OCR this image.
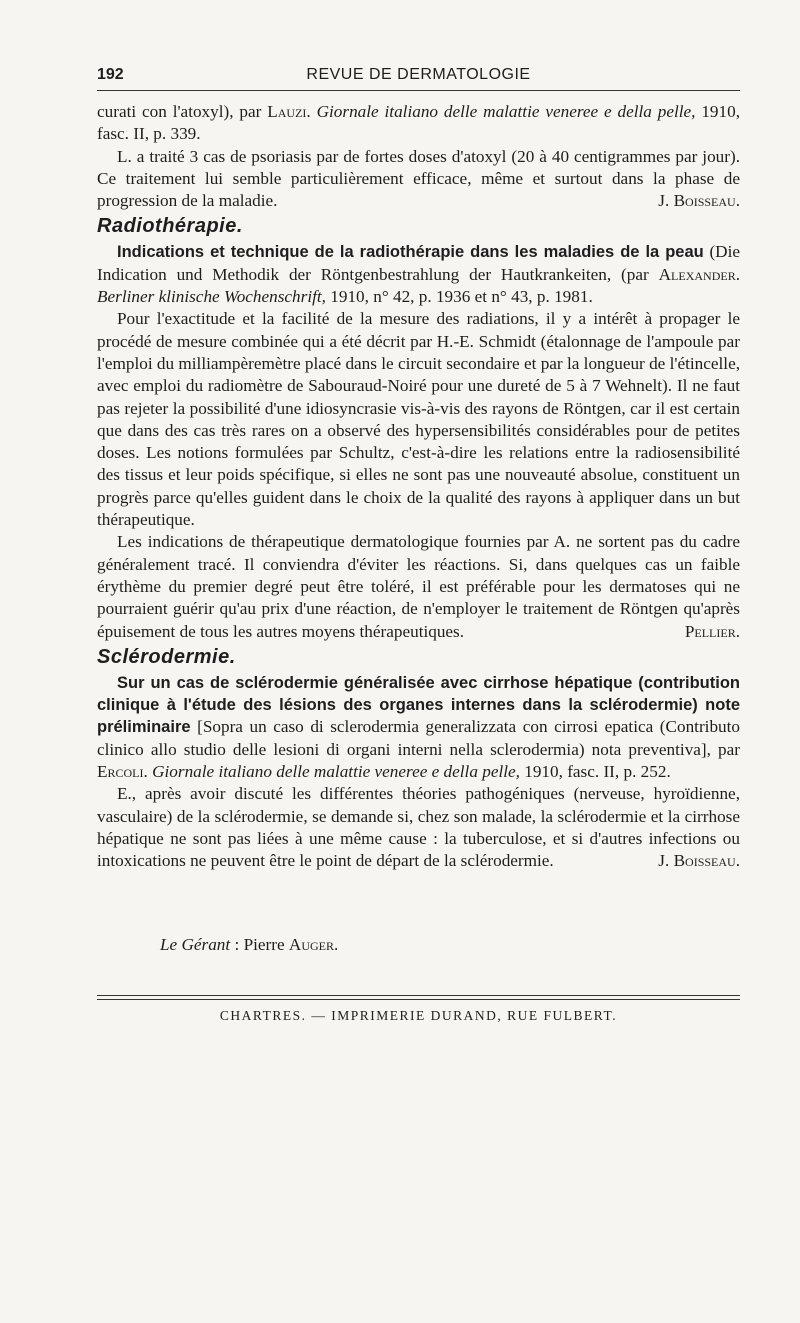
192	REVUE DE DERMATOLOGIE

curati con l'atoxyl), par Lauzi. Giornale italiano delle malattie veneree e della pelle, 1910, fasc. II, p. 339.

L. a traité 3 cas de psoriasis par de fortes doses d'atoxyl (20 à 40 centigrammes par jour). Ce traitement lui semble particulièrement efficace, même et surtout dans la phase de progression de la maladie.	J. Boisseau.

Radiothérapie.

Indications et technique de la radiothérapie dans les maladies de la peau (Die Indication und Methodik der Röntgenbestrahlung der Hautkrankeiten, (par Alexander. Berliner klinische Wochenschrift, 1910, n° 42, p. 1936 et n° 43, p. 1981.

Pour l'exactitude et la facilité de la mesure des radiations, il y a intérêt à propager le procédé de mesure combinée qui a été décrit par H.-E. Schmidt (étalonnage de l'ampoule par l'emploi du milliampèremètre placé dans le circuit secondaire et par la longueur de l'étincelle, avec emploi du radiomètre de Sabouraud-Noiré pour une dureté de 5 à 7 Wehnelt). Il ne faut pas rejeter la possibilité d'une idiosyncrasie vis-à-vis des rayons de Röntgen, car il est certain que dans des cas très rares on a observé des hypersensibilités considérables pour de petites doses. Les notions formulées par Schultz, c'est-à-dire les relations entre la radiosensibilité des tissus et leur poids spécifique, si elles ne sont pas une nouveauté absolue, constituent un progrès parce qu'elles guident dans le choix de la qualité des rayons à appliquer dans un but thérapeutique.

Les indications de thérapeutique dermatologique fournies par A. ne sortent pas du cadre généralement tracé. Il conviendra d'éviter les réactions. Si, dans quelques cas un faible érythème du premier degré peut être toléré, il est préférable pour les dermatoses qui ne pourraient guérir qu'au prix d'une réaction, de n'employer le traitement de Röntgen qu'après épuisement de tous les autres moyens thérapeutiques.	Pellier.

Sclérodermie.

Sur un cas de sclérodermie généralisée avec cirrhose hépatique (contribution clinique à l'étude des lésions des organes internes dans la sclérodermie) note préliminaire [Sopra un caso di sclerodermia generalizzata con cirrosi epatica (Contributo clinico allo studio delle lesioni di organi interni nella sclerodermia) nota preventiva], par Ercoli. Giornale italiano delle malattie veneree e della pelle, 1910, fasc. II, p. 252.

E., après avoir discuté les différentes théories pathogéniques (nerveuse, hyroïdienne, vasculaire) de la sclérodermie, se demande si, chez son malade, la sclérodermie et la cirrhose hépatique ne sont pas liées à une même cause : la tuberculose, et si d'autres infections ou intoxications ne peuvent être le point de départ de la sclérodermie.	J. Boisseau.

Le Gérant : Pierre Auger.
CHARTRES. — IMPRIMERIE DURAND, RUE FULBERT.
